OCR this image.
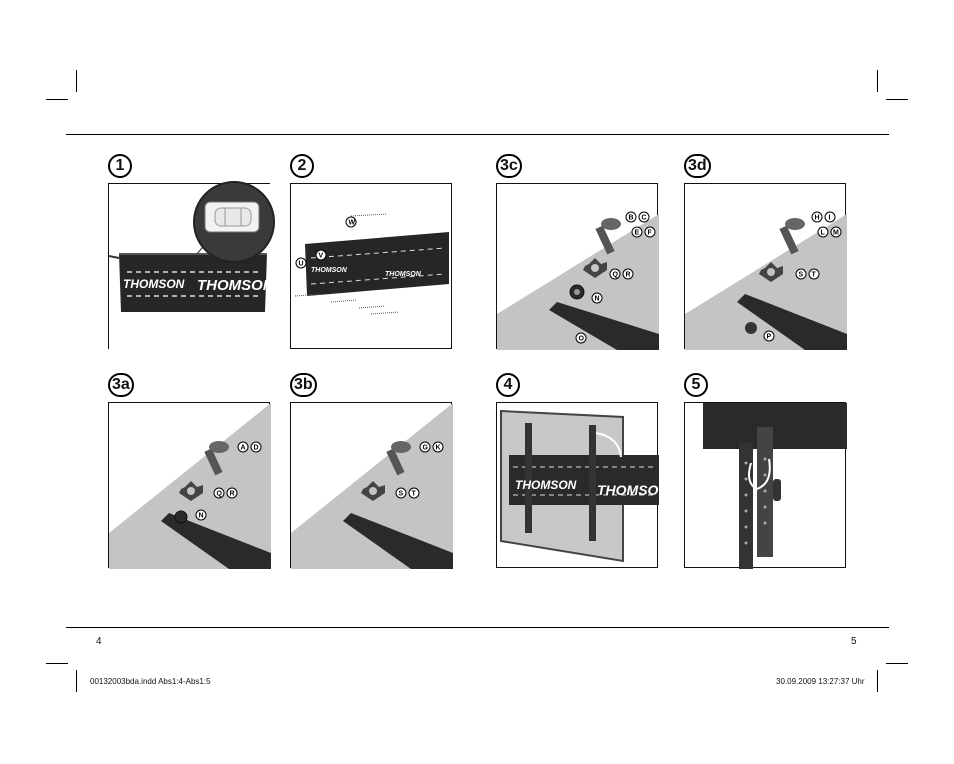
1	2	3c	3d
3a	3b	4	5
THOMSON THOMSON
THOMSON
THOMSON
W
V
U
B C
E F
Q R
N
O
H I
L M
S T
P
A D
Q R
N
G K
S T
THOMSON THOMSON
4	5
00132003bda.indd Abs1:4-Abs1:5	30.09.2009 13:27:37 Uhr
